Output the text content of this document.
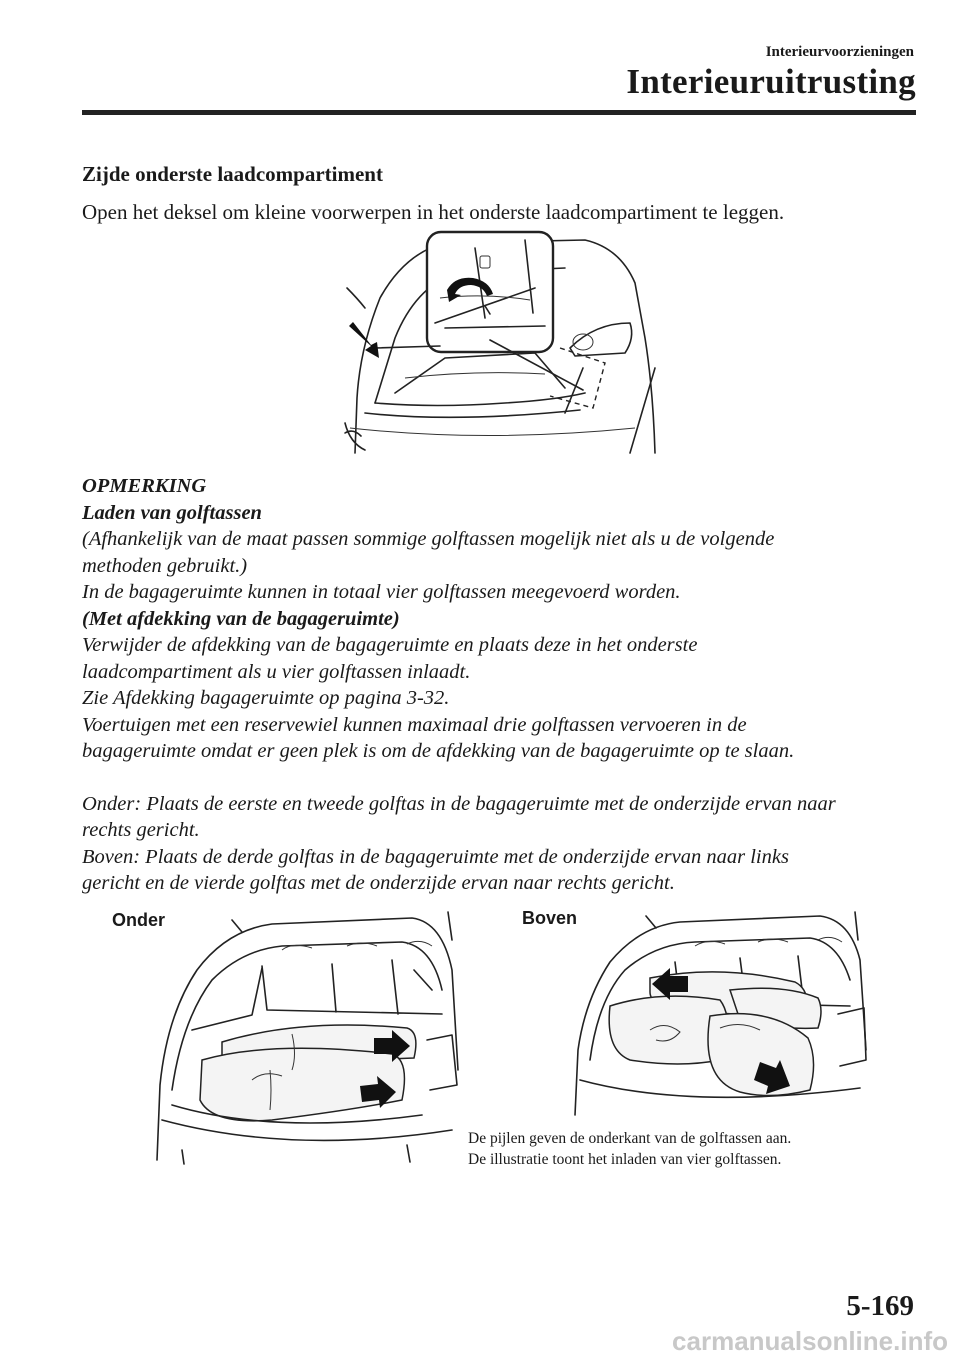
Interieurvoorzieningen
Interieuruitrusting
Zijde onderste laadcompartiment
Open het deksel om kleine voorwerpen in het onderste laadcompartiment te leggen.

OPMERKING

Laden van golftassen

(Afhankelijk van de maat passen sommige golftassen mogelijk niet als u de volgende

methoden gebruikt.)

In de bagageruimte kunnen in totaal vier golftassen meegevoerd worden.

(Met afdekking van de bagageruimte)

Verwijder de afdekking van de bagageruimte en plaats deze in het onderste

laadcompartiment als u vier golftassen inlaadt.

Zie Afdekking bagageruimte op pagina 3-32.

Voertuigen met een reservewiel kunnen maximaal drie golftassen vervoeren in de

bagageruimte omdat er geen plek is om de afdekking van de bagageruimte op te slaan.

Onder: Plaats de eerste en tweede golftas in de bagageruimte met de onderzijde ervan naar

rechts gericht.

Boven: Plaats de derde golftas in de bagageruimte met de onderzijde ervan naar links

gericht en de vierde golftas met de onderzijde ervan naar rechts gericht.

Onder	Boven
De pijlen geven de onderkant van de golftassen aan.
De illustratie toont het inladen van vier golftassen.
5-169
carmanualsonline.info
